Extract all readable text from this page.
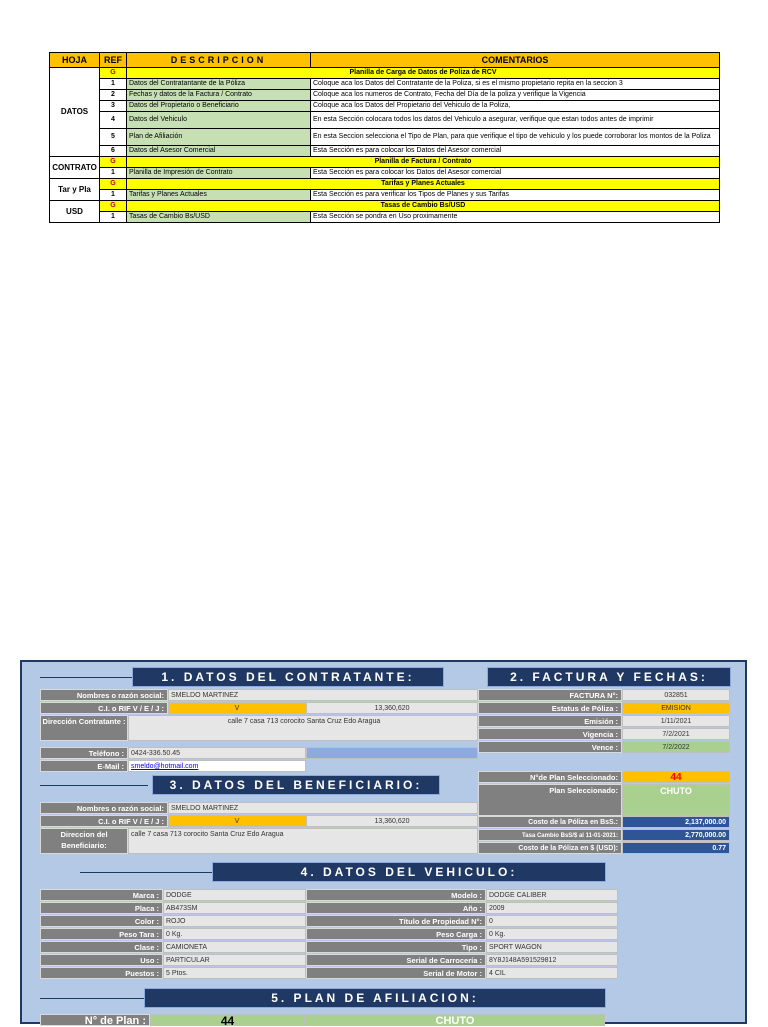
HOJA	REF	DESCRIPCION	COMENTARIOS
DATOS	G	Planilla de Carga de Datos de Poliza de RCV	
	1	Datos del Contratantante de la Póliza	Coloque aca los Datos del Contratante de la Poliza, si es el mismo propietario repita en la seccion 3
	2	Fechas y datos de la Factura / Contrato	Coloque aca los numeros de Contrato, Fecha del Día de la poliza y verifique la Vigencia
	3	Datos del Propietario o Beneficiario	Coloque aca los Datos del Propietario del Vehiculo de la Poliza,
	4	Datos del Vehiculo	En esta Sección colocara todos los datos del Vehiculo a asegurar, verifique que estan todos antes de imprimir
	5	Plan de Afiliación	En esta Seccion selecciona el Tipo de Plan, para que verifique el tipo de vehiculo y los puede corroborar los montos de la Poliza
	6	Datos del Asesor Comercial	Esta Sección es para colocar los Datos del Asesor comercial
CONTRATO	G	Planilla de Factura / Contrato	
	1	Planilla de Impresión de Contrato	Esta Sección es para colocar los Datos del Asesor comercial
Tar y Pla	G	Tarifas y Planes Actuales	
	1	Tarifas y Planes Actuales	Esta Sección es para verificar los Tipos de Planes y sus Tarifas
USD	G	Tasas de Cambio Bs/USD	
	1	Tasas de Cambio Bs/USD	Esta Sección se pondra en Uso proximamente
1. DATOS DEL CONTRATANTE:
Nombres o razón social:	SMELDO MARTINEZ
C.I. o RIF V / E / J :	V	13,360,620
Dirección Contratante :	calle 7 casa 713 corocito Santa Cruz Edo Aragua
Teléfono :	0424-336.50.45
E-Mail :	smeldo@hotmail.com
3. DATOS DEL BENEFICIARIO:
Nombres o razón social:	SMELDO MARTINEZ
C.I. o RIF V / E / J :	V	13,360,620
Direccion del Beneficiario:
calle 7 casa 713 corocito Santa Cruz Edo Aragua
2. FACTURA Y FECHAS:
FACTURA N°:	032851
Estatus de Póliza :	EMISION
Emisión :	1/11/2021
Vigencia :	7/2/2021
Vence :	7/2/2022
N°de Plan Seleccionado:	44
Plan Seleccionado:	CHUTO
Costo de la Póliza en BsS.:	2,137,000.00
Tasa Cambio BsS/$ al 11-01-2021:	2,770,000.00
Costo de la Póliza en $ (USD):	0.77
4. DATOS DEL VEHICULO:
5. PLAN DE AFILIACION:
N° de Plan :	44	CHUTO
Marca :	DODGE
Placa :	AB473SM
Color :	ROJO
Peso Tara :	0 Kg.
Clase :	CAMIONETA
Uso :	PARTICULAR
Puestos :	5 Ptos.
Modelo :	DODGE CALIBER
Año :	2009
Título de Propiedad N°:	0
Peso Carga :	0 Kg.
Tipo :	SPORT WAGON
Serial de Carrocería :	8Y8J148A591529812
Serial de Motor :	4 CIL
